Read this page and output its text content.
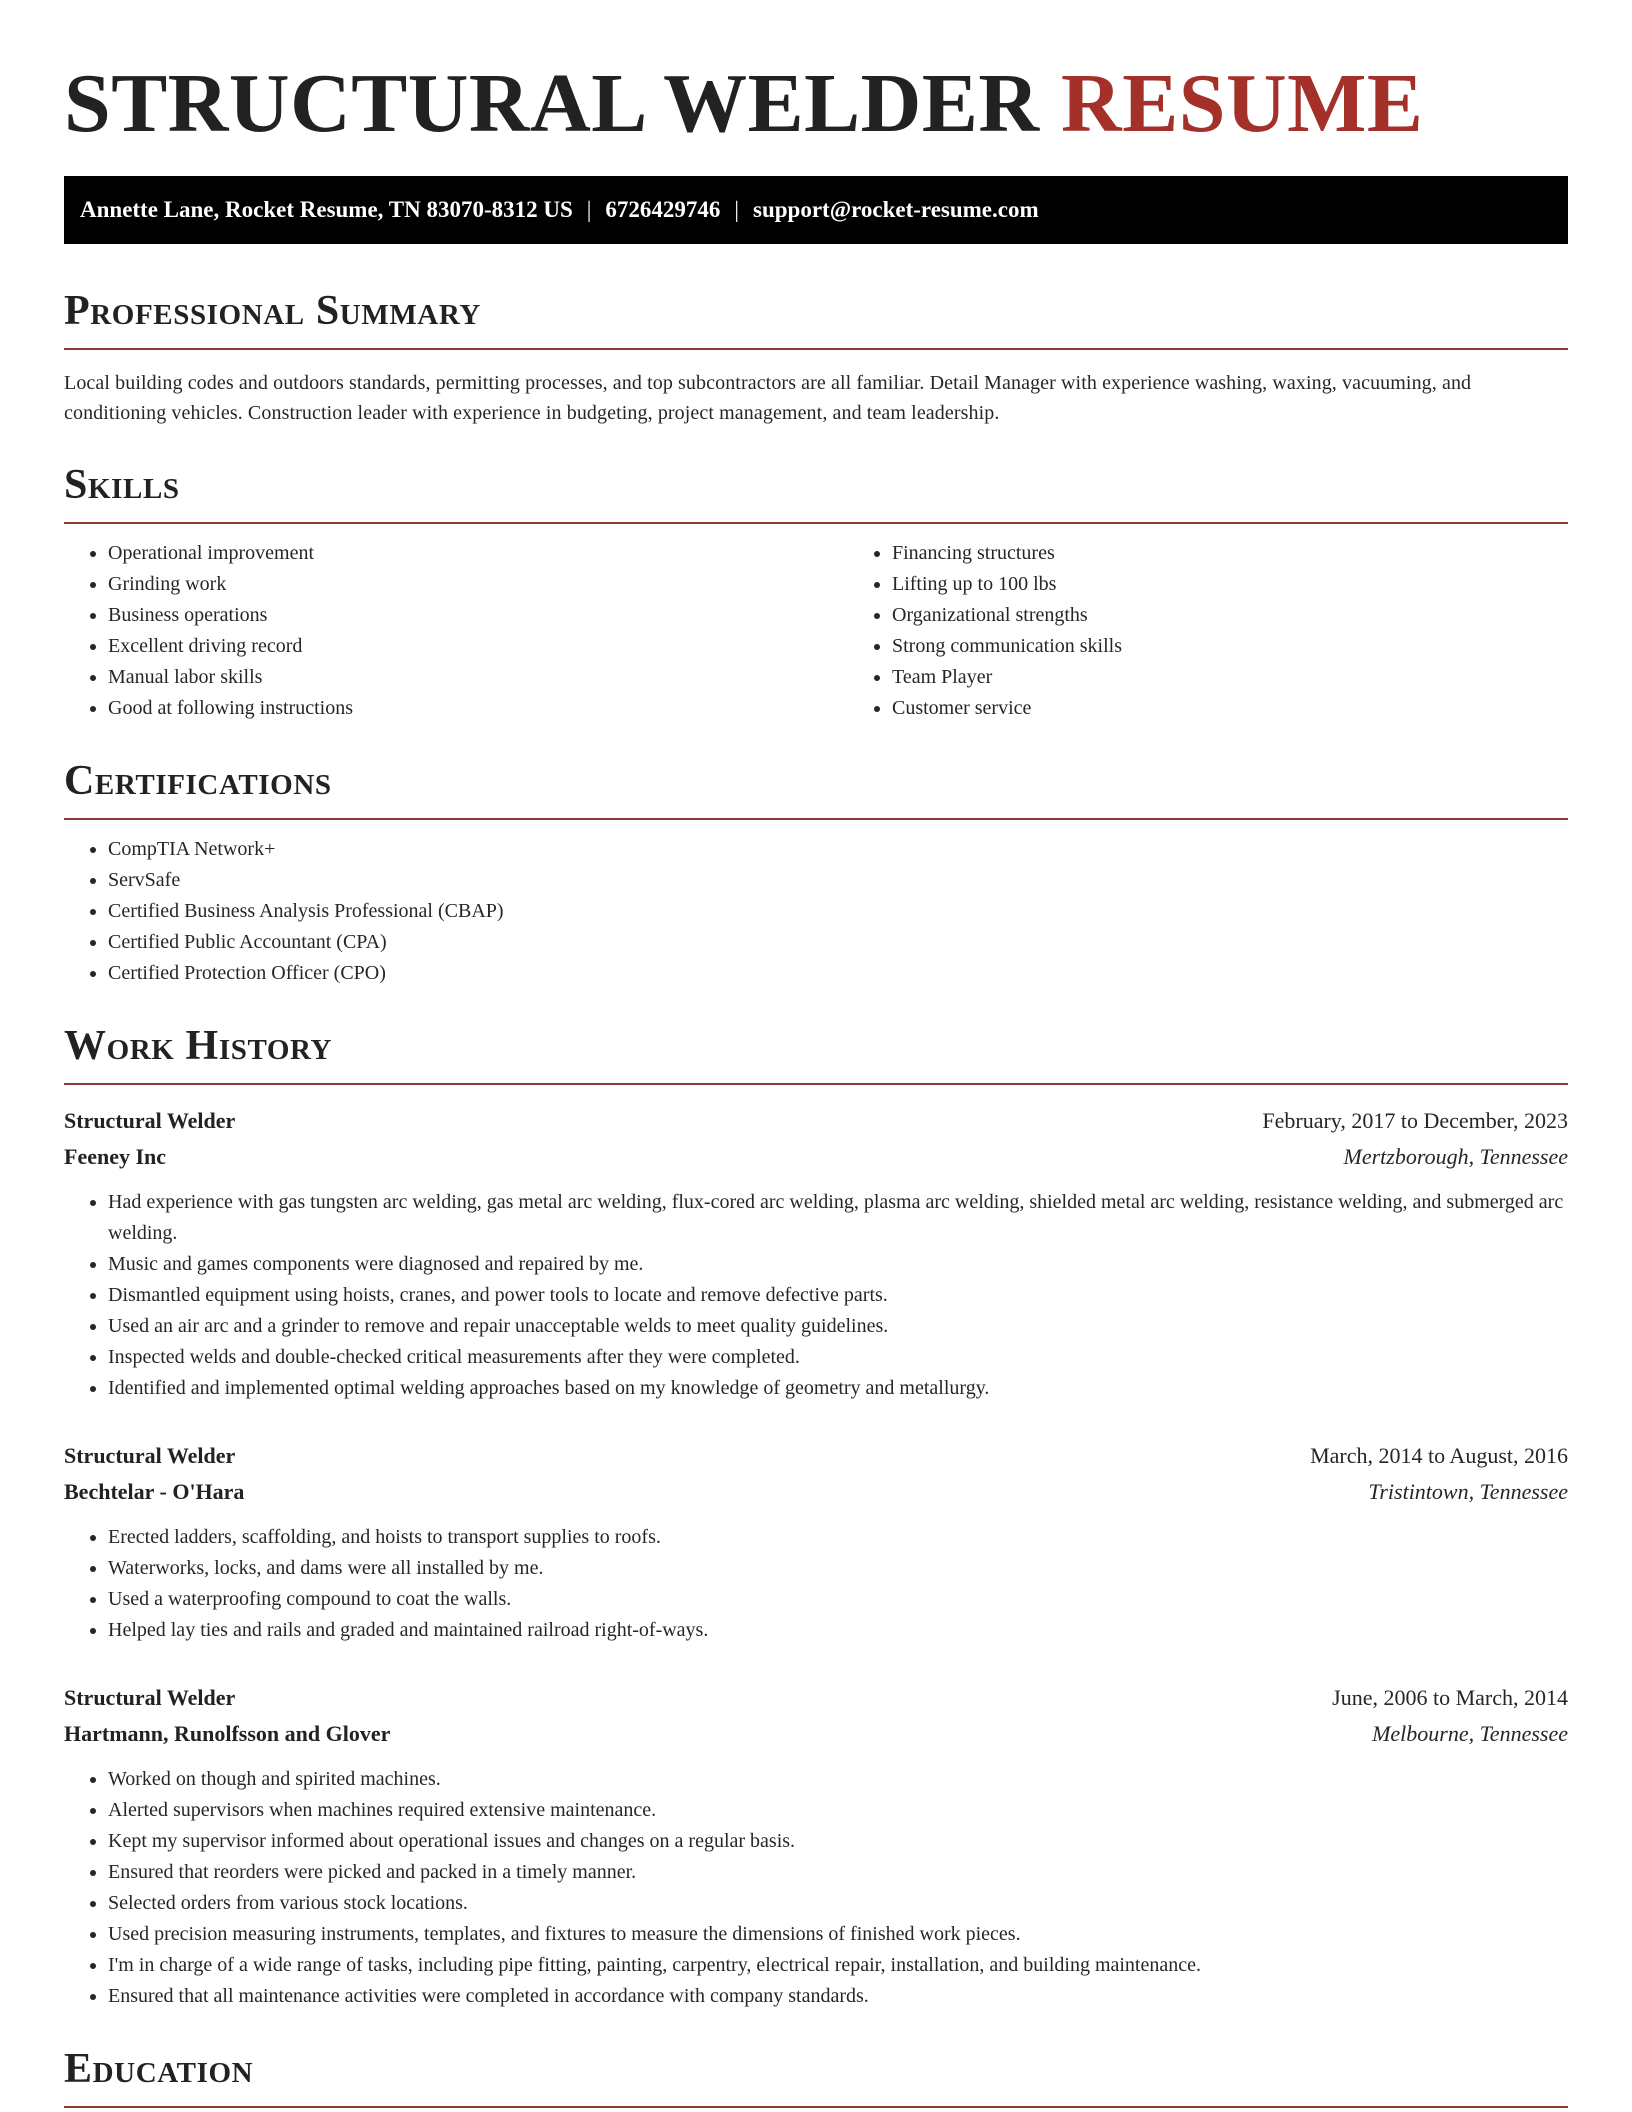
STRUCTURAL WELDER RESUME
Annette Lane, Rocket Resume, TN 83070-8312 US | 6726429746 | support@rocket-resume.com
Professional Summary

Local building codes and outdoors standards, permitting processes, and top subcontractors are all familiar. Detail Manager with experience washing, waxing, vacuuming, and conditioning vehicles. Construction leader with experience in budgeting, project management, and team leadership.

Skills
• Operational improvement
• Grinding work
• Business operations
• Excellent driving record
• Manual labor skills
• Good at following instructions
• Financing structures
• Lifting up to 100 lbs
• Organizational strengths
• Strong communication skills
• Team Player
• Customer service
Certifications
• CompTIA Network+
• ServSafe
• Certified Business Analysis Professional (CBAP)
• Certified Public Accountant (CPA)
• Certified Protection Officer (CPO)
Work History
Structural Welder	February, 2017 to December, 2023
Feeney Inc	Mertzborough, Tennessee
• Had experience with gas tungsten arc welding, gas metal arc welding, flux-cored arc welding, plasma arc welding, shielded metal arc welding, resistance welding, and submerged arc welding.
• Music and games components were diagnosed and repaired by me.
• Dismantled equipment using hoists, cranes, and power tools to locate and remove defective parts.
• Used an air arc and a grinder to remove and repair unacceptable welds to meet quality guidelines.
• Inspected welds and double-checked critical measurements after they were completed.
• Identified and implemented optimal welding approaches based on my knowledge of geometry and metallurgy.
Structural Welder	March, 2014 to August, 2016
Bechtelar - O'Hara	Tristintown, Tennessee
• Erected ladders, scaffolding, and hoists to transport supplies to roofs.
• Waterworks, locks, and dams were all installed by me.
• Used a waterproofing compound to coat the walls.
• Helped lay ties and rails and graded and maintained railroad right-of-ways.
Structural Welder	June, 2006 to March, 2014
Hartmann, Runolfsson and Glover	Melbourne, Tennessee
• Worked on though and spirited machines.
• Alerted supervisors when machines required extensive maintenance.
• Kept my supervisor informed about operational issues and changes on a regular basis.
• Ensured that reorders were picked and packed in a timely manner.
• Selected orders from various stock locations.
• Used precision measuring instruments, templates, and fixtures to measure the dimensions of finished work pieces.
• I'm in charge of a wide range of tasks, including pipe fitting, painting, carpentry, electrical repair, installation, and building maintenance.
• Ensured that all maintenance activities were completed in accordance with company standards.
Education
